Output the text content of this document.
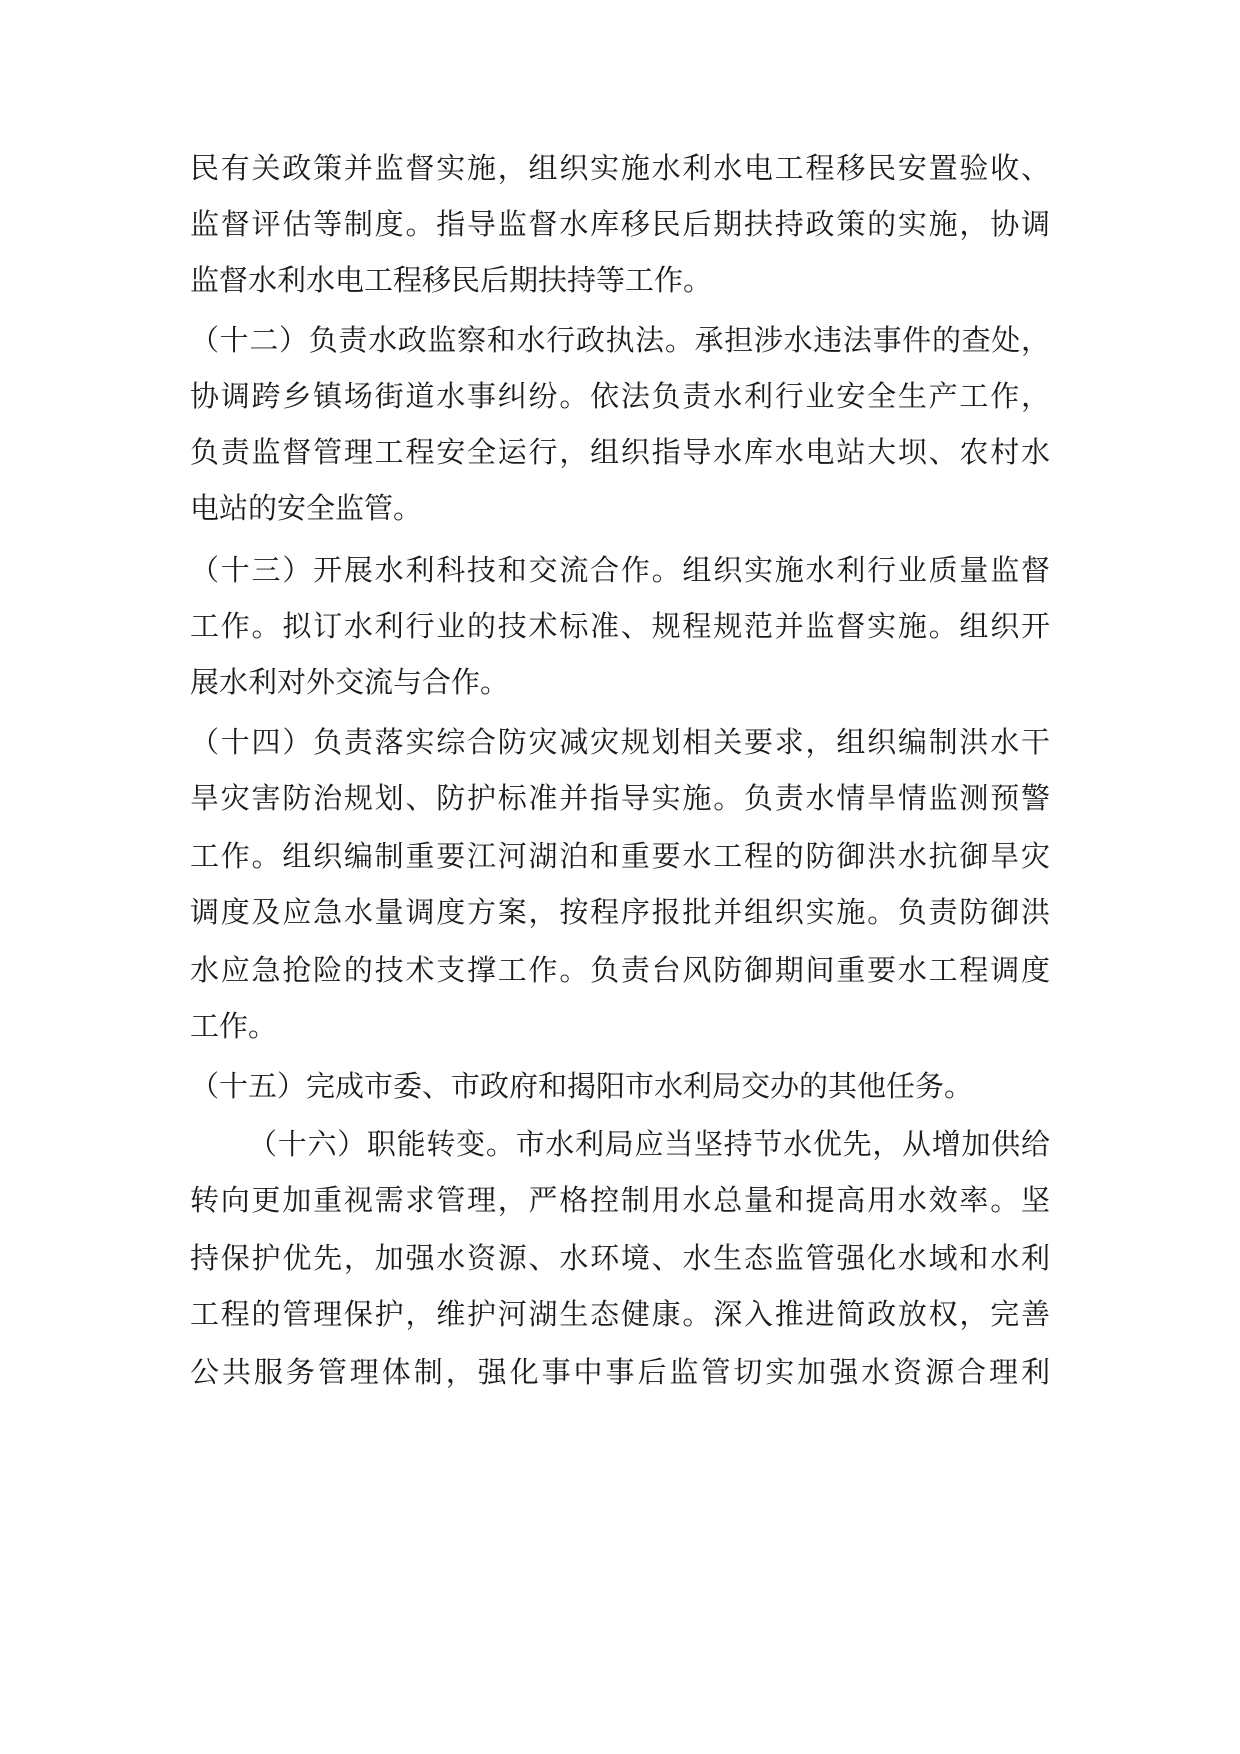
民有关政策并监督实施，组织实施水利水电工程移民安置验收、

监督评估等制度。指导监督水库移民后期扶持政策的实施，协调

监督水利水电工程移民后期扶持等工作。

（十二）负责水政监察和水行政执法。承担涉水违法事件的查处，

协调跨乡镇场街道水事纠纷。依法负责水利行业安全生产工作，

负责监督管理工程安全运行，组织指导水库水电站大坝、农村水

电站的安全监管。

（十三）开展水利科技和交流合作。组织实施水利行业质量监督

工作。拟订水利行业的技术标准、规程规范并监督实施。组织开

展水利对外交流与合作。

（十四）负责落实综合防灾减灾规划相关要求，组织编制洪水干

旱灾害防治规划、防护标准并指导实施。负责水情旱情监测预警

工作。组织编制重要江河湖泊和重要水工程的防御洪水抗御旱灾

调度及应急水量调度方案，按程序报批并组织实施。负责防御洪

水应急抢险的技术支撑工作。负责台风防御期间重要水工程调度

工作。

（十五）完成市委、市政府和揭阳市水利局交办的其他任务。

（十六）职能转变。市水利局应当坚持节水优先，从增加供给

转向更加重视需求管理，严格控制用水总量和提高用水效率。坚

持保护优先，加强水资源、水环境、水生态监管强化水域和水利

工程的管理保护，维护河湖生态健康。深入推进简政放权，完善

公共服务管理体制，强化事中事后监管切实加强水资源合理利
